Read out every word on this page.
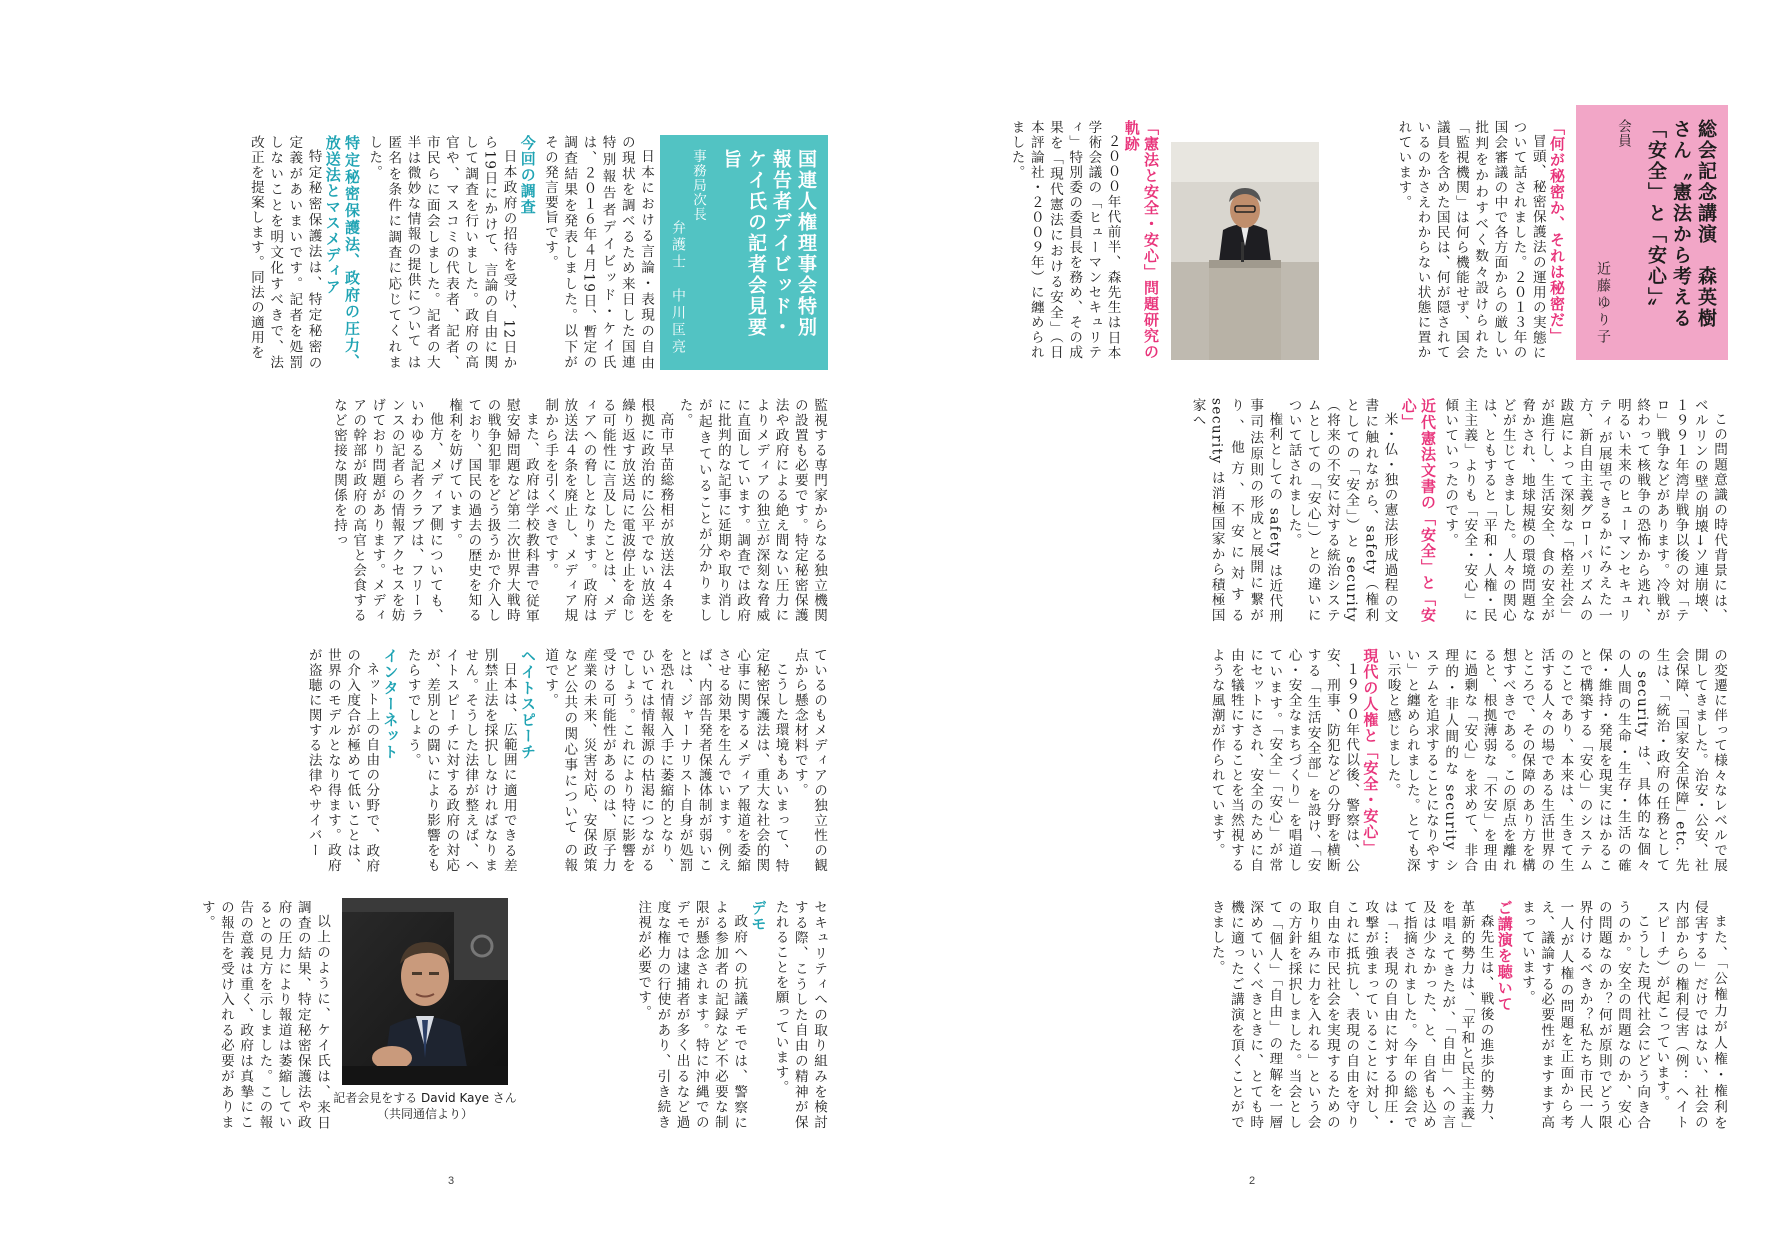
国連人権理事会特別報告者デイビッド・ケイ氏の記者会見要旨
事務局次長
弁護士　中川匡亮

日本における言論・表現の自由の現状を調べるため来日した国連特別報告者デイビッド・ケイ氏は、２０１６年４月19日、暫定の調査結果を発表しました。以下がその発言要旨です。

今回の調査

日本政府の招待を受け、12日から19日にかけて、言論の自由に関して調査を行いました。政府の高官や、マスコミの代表者、記者、市民らに面会しました。記者の大半は微妙な情報の提供について は匿名を条件に調査に応じてくれました。

特定秘密保護法、政府の圧力、放送法とマスメディア

特定秘密保護法は、特定秘密の定義があいまいです。記者を処罰しないことを明文化すべきで、法改正を提案します。同法の適用を

監視する専門家からなる独立機関の設置も必要です。特定秘密保護法や政府による絶え間ない圧力によりメディアの独立が深刻な脅威に直面しています。調査では政府に批判的な記事に延期や取り消しが起きていることが分かりました。

高市早苗総務相が放送法４条を根拠に政治的に公平でない放送を繰り返す放送局に電波停止を命じる可能性に言及したことは、メディアへの脅しとなります。政府は放送法４条を廃止し、メディア規制から手を引くべきです。

また、政府は学校教科書で従軍慰安婦問題など第二次世界大戦時の戦争犯罪をどう扱うかで介入しており、国民の過去の歴史を知る権利を妨げています。

他方、メディア側についても、いわゆる記者クラブは、フリーランスの記者らの情報アクセスを妨げており問題があります。メディアの幹部が政府の高官と会食するなど密接な関係を持っ

ているのもメディアの独立性の観点から懸念材料です。

こうした環境もあいまって、特定秘密保護法は、重大な社会的関心事に関するメディア報道を委縮させる効果を生んでいます。例えば、内部告発者保護体制が弱いことは、ジャーナリスト自身が処罰を恐れ情報入手に萎縮的となり、ひいては情報源の枯渇につながるでしょう。これにより特に影響を受ける可能性があるのは、原子力産業の未来、災害対応、安保政策など公共の関心事について の報道です。

ヘイトスピーチ

日本は、広範囲に適用できる差別禁止法を採択しなければなりません。そうした法律が整えば、ヘイトスピーチに対する政府の対応が、差別との闘いにより影響をもたらすでしょう。

インターネット

ネット上の自由の分野で、政府の介入度合が極めて低いことは、世界のモデルとなり得ます。政府が盗聴に関する法律やサイバー

セキュリティへの取り組みを検討する際、こうした自由の精神が保たれることを願っています。

デモ

政府への抗議デモでは、警察による参加者の記録など不必要な制限が懸念されます。特に沖縄でのデモでは逮捕者が多く出るなど過度な権力の行使があり、引き続き注視が必要です。

記者会見をする David Kaye さん
（共同通信より）

以上のように、ケイ氏は、来日調査の結果、特定秘密保護法や政府の圧力により報道は萎縮しているとの見方を示しました。この報告の意義は重く、政府は真摯にこの報告を受け入れる必要があります。

3
総会記念講演　森英樹さん〝憲法から考える「安全」と「安心」〟
会員
近藤ゆり子
「何が秘密か、それは秘密だ」

冒頭、秘密保護法の運用の実態について話されました。２０１３年の国会審議の中で各方面からの厳しい批判をかわすべく数々設けられた「監視機関」は何ら機能せず、国会議員を含めた国民は、何が隠されているのかさえわからない状態に置かれています。

「憲法と安全・安心」問題研究の軌跡

２０００年代前半、森先生は日本学術会議の「ヒューマンセキュリティ」特別委の委員長を務め、その成果を「現代憲法における安全」（日本評論社・２００９年）に纏められました。

この問題意識の時代背景には、ベルリンの壁の崩壊→ソ連崩壊、１９９１年湾岸戦争以後の対「テロ」戦争などがあります。冷戦が終わって核戦争の恐怖から逃れ、明るい未来のヒューマンセキュリティが展望できるかにみえた一方、新自由主義グローバリズムの跋扈によって深刻な「格差社会」が進行し、生活安全、食の安全が脅かされ、地球規模の環境問題などが生じてきました。人々の関心は、ともすると「平和・人権・民主主義」よりも「安全・安心」に傾いていったのです。

近代憲法文書の「安全」と「安心」

米・仏・独の憲法形成過程の文書に触れながら、safety（権利としての「安全」）と security（将来の不安に対する統治システムとしての「安心」）との違いについて話されました。

権利としての safety は近代刑事司法原則の形成と展開に繋がり、他方、不安に対する security は消極国家から積極国家へ

の変遷に伴って様々なレベルで展開してきました。治安・公安、社会保障、「国家安全保障」etc. 先生は、「統治・政府の任務としての security は、具体的な個々の人間の生命・生存・生活の確保・維持・発展を現実にはかることで構築する「安心」のシステムのことであり、本来は、生きて生活する人々の場である生活世界のところで、その保障のあり方を構想すべきである。この原点を離れると、根拠薄弱な「不安」を理由に過剰な「安心」を求めて、非合理的・非人間的な security システムを追求することになりやすい」と纏められました。とても深い示唆と感じました。

現代の人権と「安全・安心」

１９９０年代以後、警察は、公安、刑事、防犯などの分野を横断する「生活安全部」を設け、「安心・安全なまちづくり」を唱道しています。「安全」「安心」が常にセットにされ、安全のために自由を犠牲にすることを当然視するような風潮が作られています。

また、「公権力が人権・権利を侵害する」だけではない、社会の内部からの権利侵害（例：ヘイトスピーチ）が起こっています。

こうした現代社会にどう向き合うのか。安全の問題なのか、安心の問題なのか？何が原則でどう限界付けるべきか？私たち市民一人一人が人権の問題を正面から考え、議論する必要性がますます高まっています。

ご講演を聴いて

森先生は、戦後の進歩的勢力、革新的勢力は、「平和と民主主義」を唱えてきたが、「自由」への言及は少なかった、と、自省も込めて指摘されました。今年の総会では「…表現の自由に対する抑圧・攻撃が強まっていることに対し、これに抵抗し、表現の自由を守り自由な市民社会を実現するための取り組みに力を入れる」という会の方針を採択しました。当会として「個人」「自由」の理解を一層深めていくべきときに、とても時機に適ったご講演を頂くことができました。

2
